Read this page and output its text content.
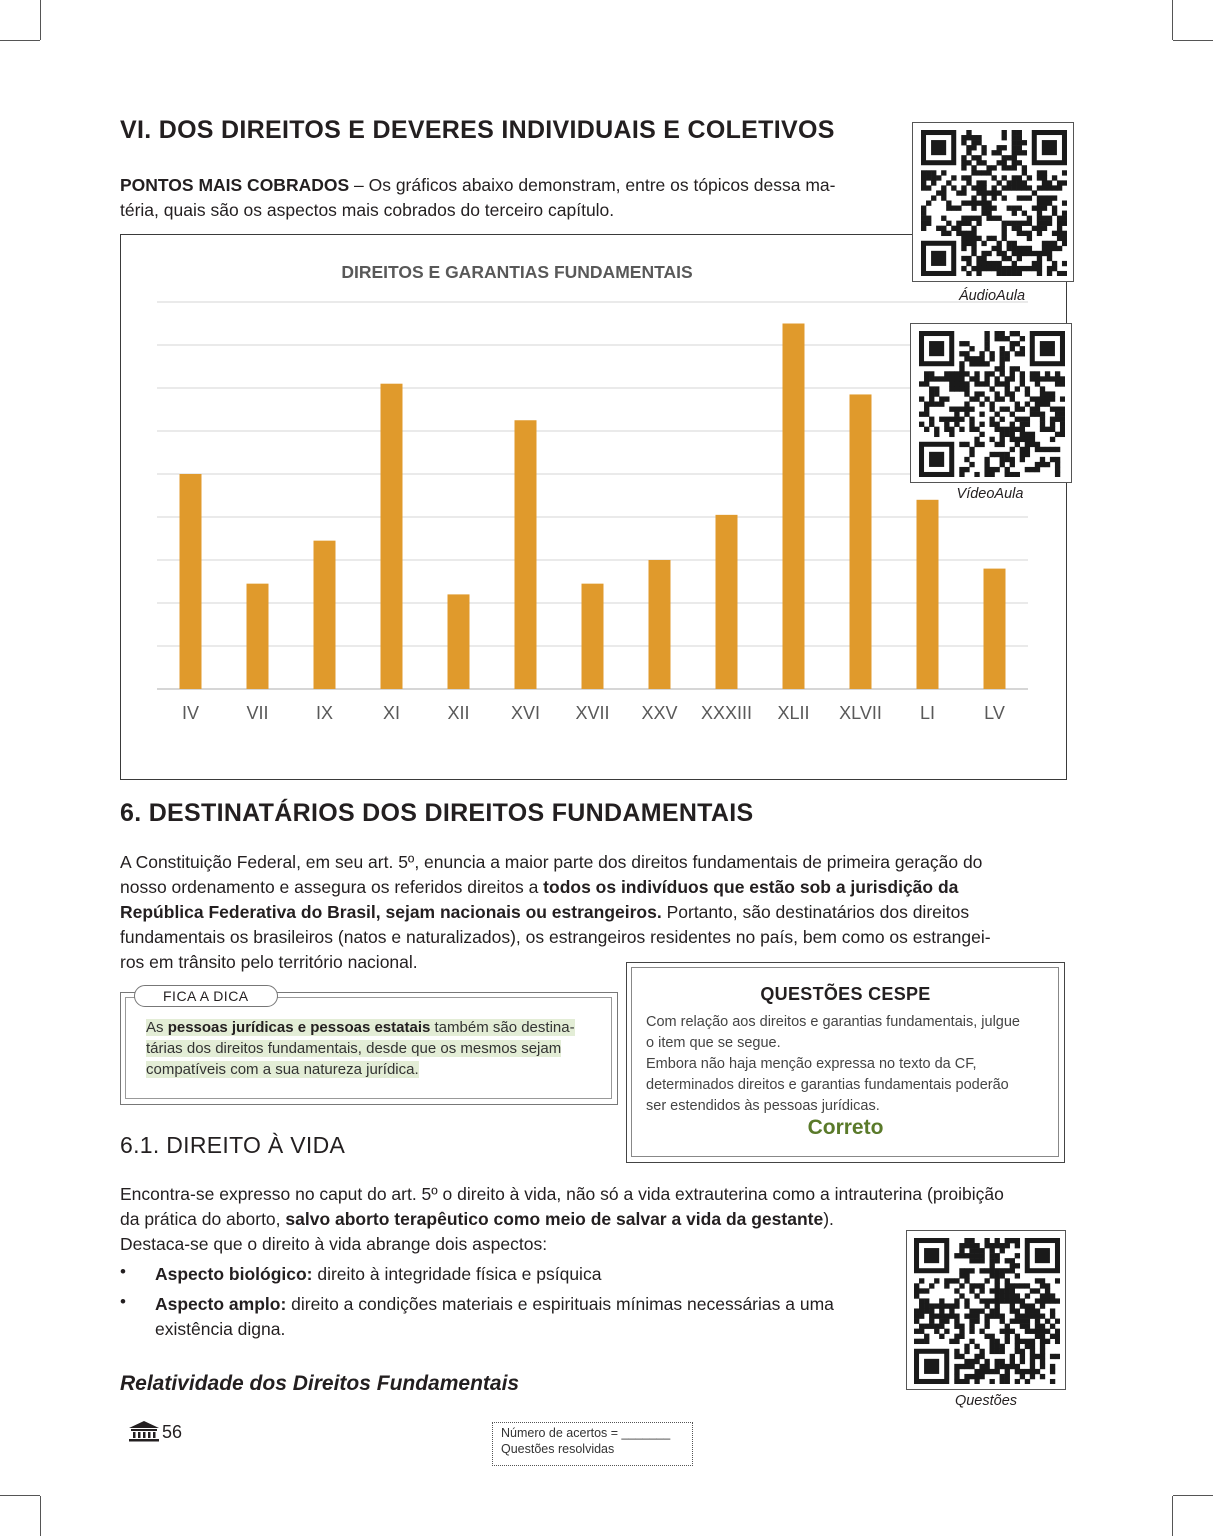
VI. DOS DIREITOS E DEVERES INDIVIDUAIS E COLETIVOS
PONTOS MAIS COBRADOS – Os gráficos abaixo demonstram, entre os tópicos dessa ma-
téria, quais são os aspectos mais cobrados do terceiro capítulo.
DIREITOS E GARANTIAS FUNDAMENTAIS
IV	VII	IX	XI	XII XVI XVII XXV XXXIII XLII XLVII LI	LV
ÁudioAula
VídeoAula
6. DESTINATÁRIOS DOS DIREITOS FUNDAMENTAIS
A Constituição Federal, em seu art. 5º, enuncia a maior parte dos direitos fundamentais de primeira geração do
nosso ordenamento e assegura os referidos direitos a todos os indivíduos que estão sob a jurisdição da
República Federativa do Brasil, sejam nacionais ou estrangeiros. Portanto, são destinatários dos direitos
fundamentais os brasileiros (natos e naturalizados), os estrangeiros residentes no país, bem como os estrangei-
ros em trânsito pelo território nacional.
FICA A DICA
As pessoas jurídicas e pessoas estatais também são destina-
tárias dos direitos fundamentais, desde que os mesmos sejam
compatíveis com a sua natureza jurídica.
QUESTÕES CESPE
Com relação aos direitos e garantias fundamentais, julgue
o item que se segue.
Embora não haja menção expressa no texto da CF,
determinados direitos e garantias fundamentais poderão
ser estendidos às pessoas jurídicas.
Correto
6.1. DIREITO À VIDA
Encontra-se expresso no caput do art. 5º o direito à vida, não só a vida extrauterina como a intrauterina (proibição
da prática do aborto, salvo aborto terapêutico como meio de salvar a vida da gestante).
Destaca-se que o direito à vida abrange dois aspectos:
• Aspecto biológico: direito à integridade física e psíquica
• Aspecto amplo: direito a condições materiais e espirituais mínimas necessárias a uma
existência digna.
Questões
Relatividade dos Direitos Fundamentais
56	Número de acertos = _______
Questões resolvidas
